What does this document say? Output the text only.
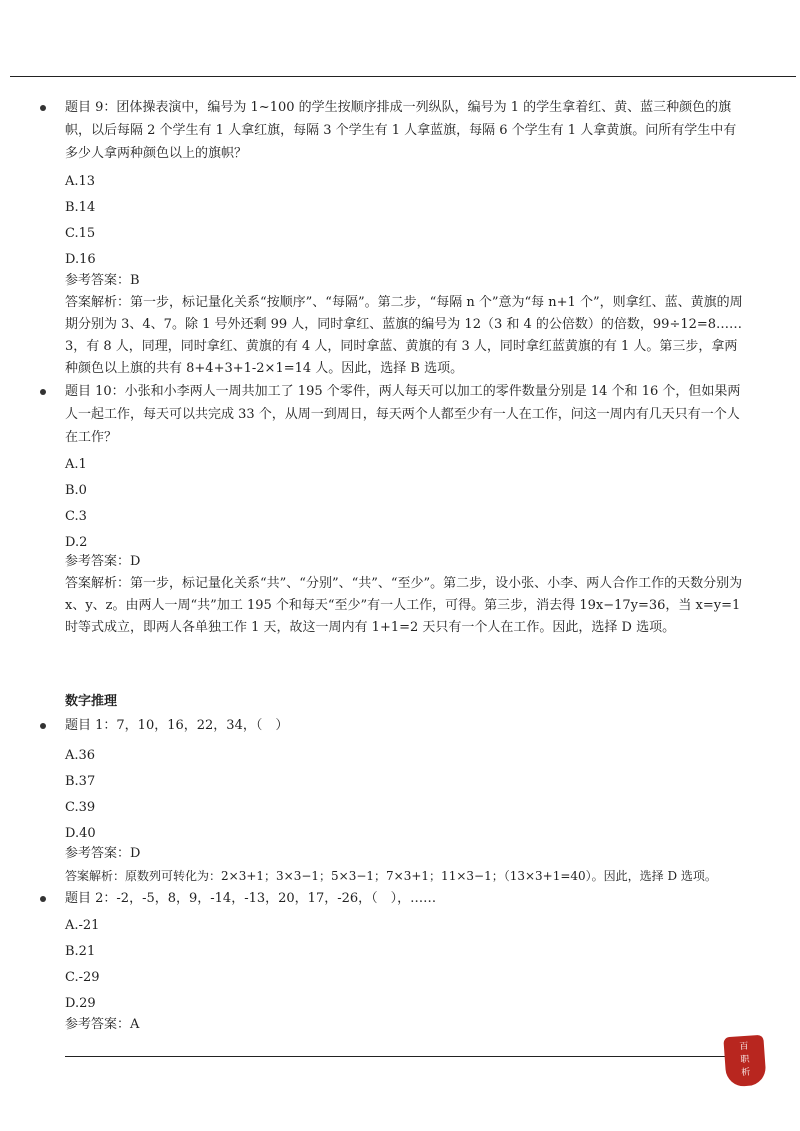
题目 9：团体操表演中，编号为 1~100 的学生按顺序排成一列纵队，编号为 1 的学生拿着红、黄、蓝三种颜色的旗帜，以后每隔 2 个学生有 1 人拿红旗，每隔 3 个学生有 1 人拿蓝旗，每隔 6 个学生有 1 人拿黄旗。问所有学生中有多少人拿两种颜色以上的旗帜？

A.13

B.14

C.15

D.16

参考答案：B

答案解析：第一步，标记量化关系“按顺序”、“每隔”。第二步，“每隔 n 个”意为“每 n+1 个”，则拿红、蓝、黄旗的周期分别为 3、4、7。除 1 号外还剩 99 人，同时拿红、蓝旗的编号为 12（3 和 4 的公倍数）的倍数，99÷12=8……3，有 8 人，同理，同时拿红、黄旗的有 4 人，同时拿蓝、黄旗的有 3 人，同时拿红蓝黄旗的有 1 人。第三步，拿两种颜色以上旗的共有 8+4+3+1-2×1=14 人。因此，选择 B 选项。

题目 10：小张和小李两人一周共加工了 195 个零件，两人每天可以加工的零件数量分别是 14 个和 16 个，但如果两人一起工作，每天可以共完成 33 个，从周一到周日，每天两个人都至少有一人在工作，问这一周内有几天只有一个人在工作？

A.1

B.0

C.3

D.2

参考答案：D

答案解析：第一步，标记量化关系“共”、“分别”、“共”、“至少”。第二步，设小张、小李、两人合作工作的天数分别为 x、y、z。由两人一周“共”加工 195 个和每天“至少”有一人工作，可得。第三步，消去得 19x−17y=36，当 x=y=1 时等式成立，即两人各单独工作 1 天，故这一周内有 1+1=2 天只有一个人在工作。因此，选择 D 选项。

数字推理

题目 1：7，10，16，22，34，（　）

A.36

B.37

C.39

D.40

参考答案：D

答案解析：原数列可转化为：2×3+1；3×3−1；5×3−1；7×3+1；11×3−1；（13×3+1=40）。因此，选择 D 选项。

题目 2：-2，-5，8，9，-14，-13，20，17，-26，（　），……

A.-21

B.21

C.-29

D.29

参考答案：A

百
职
析
